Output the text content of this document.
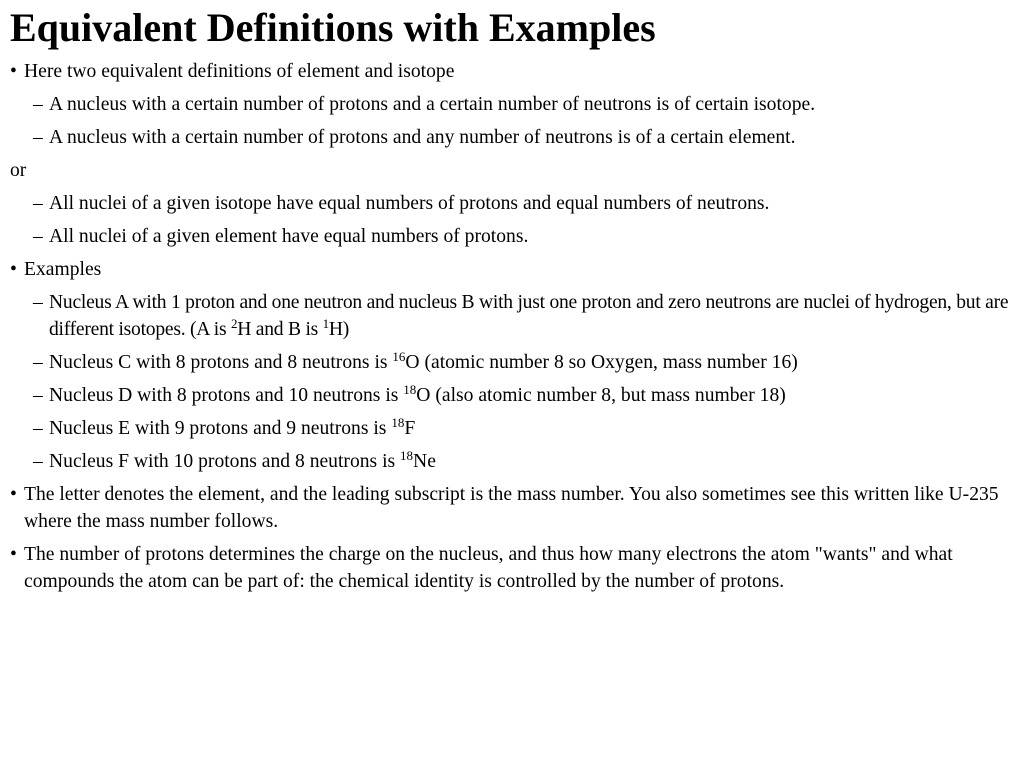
Equivalent Definitions with Examples
• Here two equivalent definitions of element and isotope
– A nucleus with a certain number of protons and a certain number of neutrons is of certain isotope.
– A nucleus with a certain number of protons and any number of neutrons is of a certain element.
or
– All nuclei of a given isotope have equal numbers of protons and equal numbers of neutrons.
– All nuclei of a given element have equal numbers of protons.
• Examples
– Nucleus A with 1 proton and one neutron and nucleus B with just one proton and zero neutrons are nuclei of hydrogen, but are different isotopes. (A is $^2$H and B is $^1$H)
– Nucleus C with 8 protons and 8 neutrons is $^{16}$O (atomic number 8 so Oxygen, mass number 16)
– Nucleus D with 8 protons and 10 neutrons is $^{18}$O (also atomic number 8, but mass number 18)
– Nucleus E with 9 protons and 9 neutrons is $^{18}$F
– Nucleus F with 10 protons and 8 neutrons is $^{18}$Ne
• The letter denotes the element, and the leading subscript is the mass number. You also sometimes see this written like U-235 where the mass number follows.
• The number of protons determines the charge on the nucleus, and thus how many electrons the atom "wants" and what compounds the atom can be part of: the chemical identity is controlled by the number of protons.
